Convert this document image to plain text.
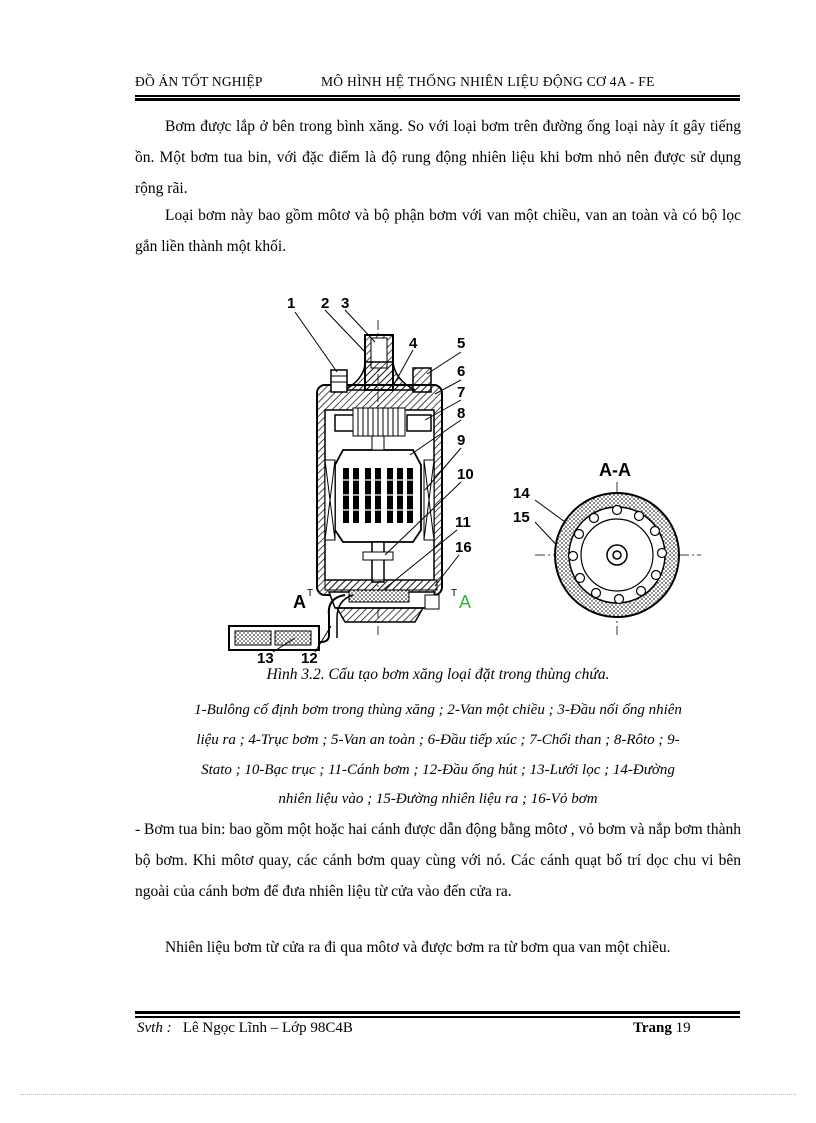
ĐỒ ÁN TỐT NGHIỆP	MÔ HÌNH HỆ THỐNG NHIÊN LIỆU ĐỘNG CƠ 4A - FE

Bơm được lắp ở bên trong bình xăng. So với loại bơm trên đường ống loại này ít gây tiếng ồn. Một bơm tua bin, với đặc điểm là độ rung động nhiên liệu khi bơm nhỏ nên được sử dụng rộng rãi.

Loại bơm này bao gồm môtơ và bộ phận bơm với van một chiều, van an toàn và có bộ lọc gắn liền thành một khối.

1 2 3
4	5
6
7
8
9
10
11
16
13 12
14
15
A T	T A
A-A

Hình 3.2. Cấu tạo bơm xăng loại đặt trong thùng chứa.

1-Bulông cố định bơm trong thùng xăng ; 2-Van một chiều ; 3-Đầu nối ống nhiên

liệu ra ; 4-Trục bơm ; 5-Van an toàn ; 6-Đầu tiếp xúc ; 7-Chổi than ; 8-Rôto ; 9-

Stato ; 10-Bạc trục ; 11-Cánh bơm ; 12-Đầu ống hút ; 13-Lưới lọc ; 14-Đường

nhiên liệu vào ; 15-Đường nhiên liệu ra ; 16-Vỏ bơm

- Bơm tua bin: bao gồm một hoặc hai cánh được dẫn động bằng môtơ , vỏ bơm và nắp bơm thành bộ bơm. Khi môtơ quay, các cánh bơm quay cùng với nó. Các cánh quạt bố trí dọc chu vi bên ngoài của cánh bơm để đưa nhiên liệu từ cửa vào đến cửa ra.

Nhiên liệu bơm từ cửa ra đi qua môtơ và được bơm ra từ bơm qua van một chiều.

Svth : Lê Ngọc Lĩnh – Lớp 98C4B	Trang 19
